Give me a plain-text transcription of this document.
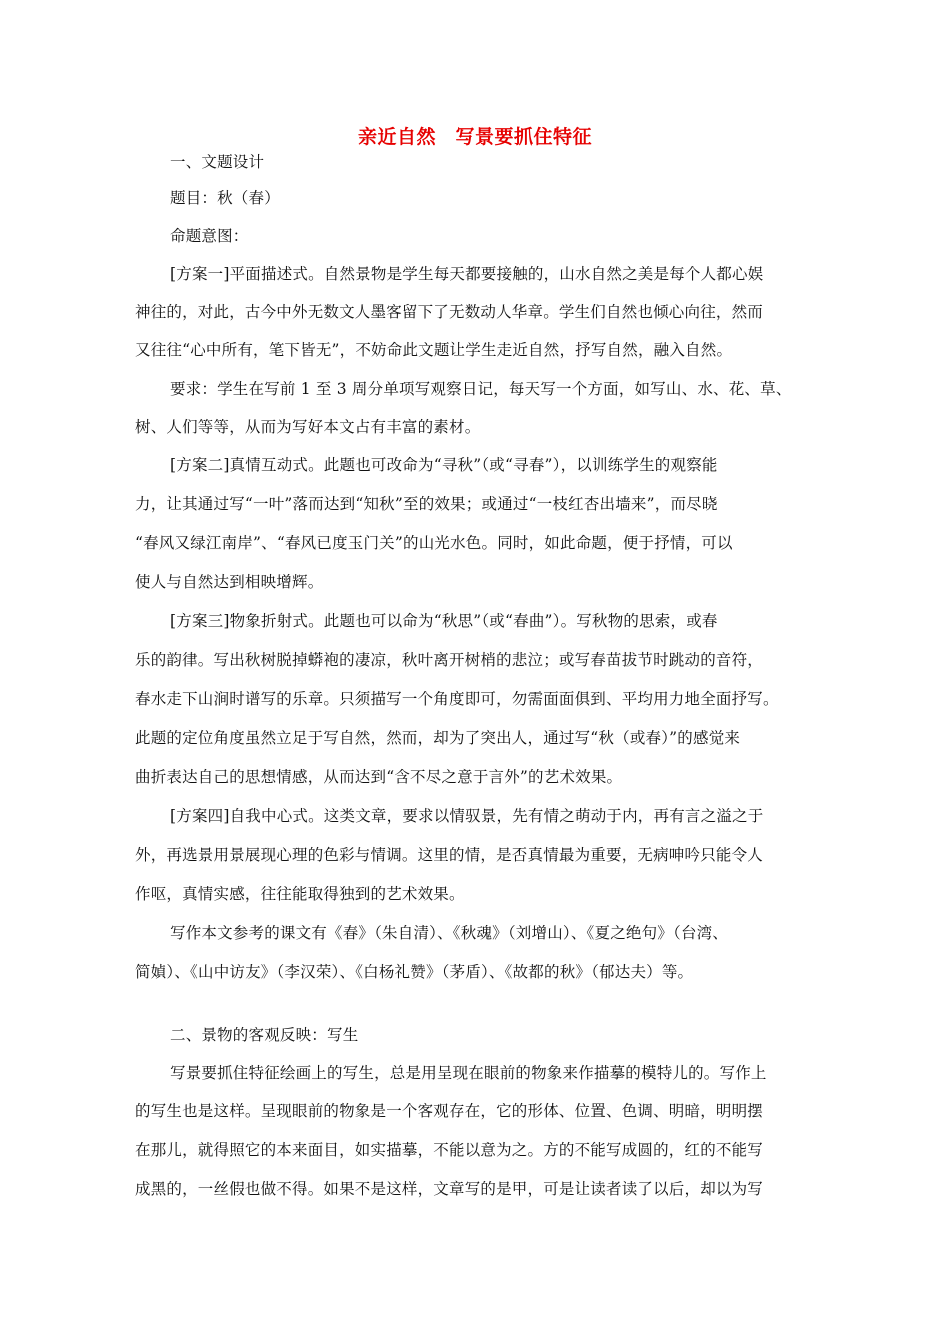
亲近自然　写景要抓住特征
一、文题设计
题目：秋（春）
命题意图：
[方案一]平面描述式。自然景物是学生每天都要接触的，山水自然之美是每个人都心娱
神往的，对此，古今中外无数文人墨客留下了无数动人华章。学生们自然也倾心向往，然而
又往往“心中所有，笔下皆无”，不妨命此文题让学生走近自然，抒写自然，融入自然。
要求：学生在写前 1 至 3 周分单项写观察日记，每天写一个方面，如写山、水、花、草、
树、人们等等，从而为写好本文占有丰富的素材。
[方案二]真情互动式。此题也可改命为“寻秋”（或“寻春”），以训练学生的观察能
力，让其通过写“一叶”落而达到“知秋”至的效果；或通过“一枝红杏出墙来”，而尽晓
“春风又绿江南岸”、“春风已度玉门关”的山光水色。同时，如此命题，便于抒情，可以
使人与自然达到相映增辉。
[方案三]物象折射式。此题也可以命为“秋思”（或“春曲”）。写秋物的思索，或春
乐的韵律。写出秋树脱掉蟒袍的凄凉，秋叶离开树梢的悲泣；或写春苗拔节时跳动的音符，
春水走下山涧时谱写的乐章。只须描写一个角度即可，勿需面面俱到、平均用力地全面抒写。
此题的定位角度虽然立足于写自然，然而，却为了突出人，通过写“秋（或春）”的感觉来
曲折表达自己的思想情感，从而达到“含不尽之意于言外”的艺术效果。
[方案四]自我中心式。这类文章，要求以情驭景，先有情之萌动于内，再有言之溢之于
外，再选景用景展现心理的色彩与情调。这里的情，是否真情最为重要，无病呻吟只能令人
作呕，真情实感，往往能取得独到的艺术效果。
写作本文参考的课文有《春》（朱自清）、《秋魂》（刘增山）、《夏之绝句》（台湾、
简媜）、《山中访友》（李汉荣）、《白杨礼赞》（茅盾）、《故都的秋》（郁达夫）等。
二、景物的客观反映：写生
写景要抓住特征绘画上的写生，总是用呈现在眼前的物象来作描摹的模特儿的。写作上
的写生也是这样。呈现眼前的物象是一个客观存在，它的形体、位置、色调、明暗，明明摆
在那儿，就得照它的本来面目，如实描摹，不能以意为之。方的不能写成圆的，红的不能写
成黑的，一丝假也做不得。如果不是这样，文章写的是甲，可是让读者读了以后，却以为写
